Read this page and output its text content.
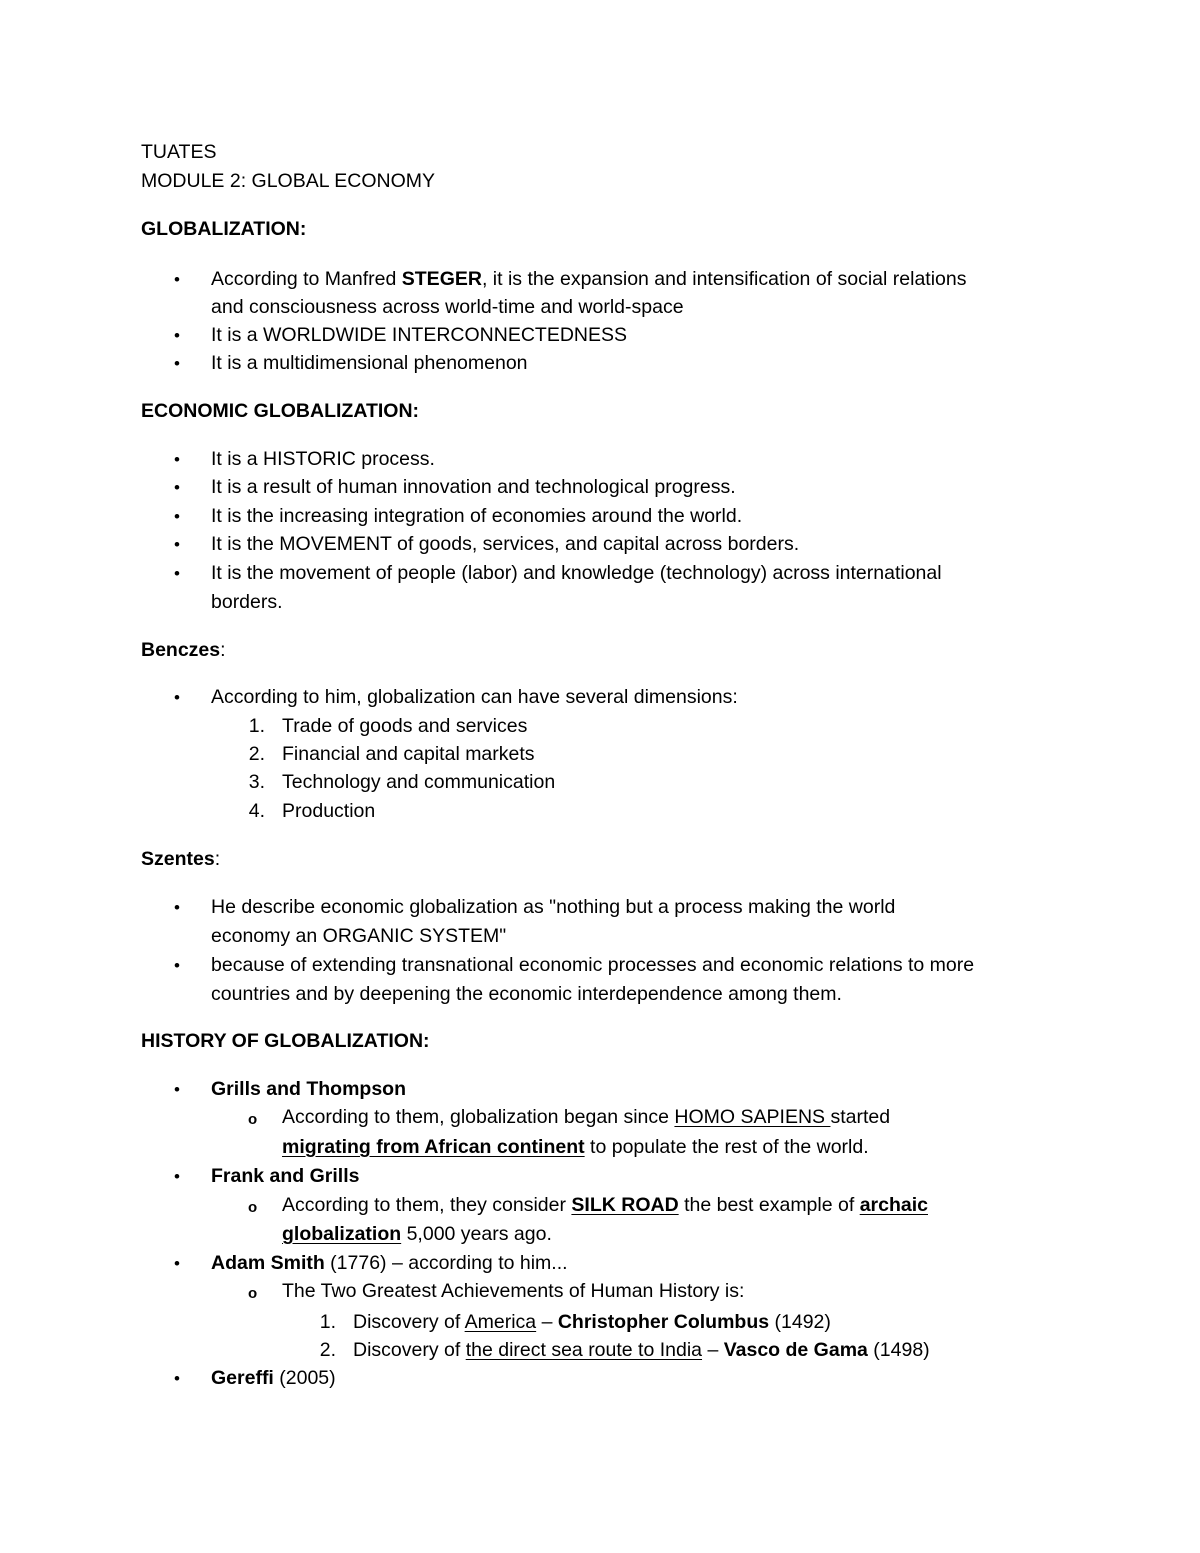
TUATES
MODULE 2: GLOBAL ECONOMY
GLOBALIZATION:
• According to Manfred STEGER, it is the expansion and intensification of social relations
and consciousness across world-time and world-space
• It is a WORLDWIDE INTERCONNECTEDNESS
• It is a multidimensional phenomenon
ECONOMIC GLOBALIZATION:
• It is a HISTORIC process.
• It is a result of human innovation and technological progress.
• It is the increasing integration of economies around the world.
• It is the MOVEMENT of goods, services, and capital across borders.
• It is the movement of people (labor) and knowledge (technology) across international
borders.
Benczes:
• According to him, globalization can have several dimensions:
1. Trade of goods and services
2. Financial and capital markets
3. Technology and communication
4. Production
Szentes:
• He describe economic globalization as "nothing but a process making the world
economy an ORGANIC SYSTEM"
• because of extending transnational economic processes and economic relations to more
countries and by deepening the economic interdependence among them.
HISTORY OF GLOBALIZATION:
• Grills and Thompson
o According to them, globalization began since HOMO SAPIENS started
migrating from African continent to populate the rest of the world.
• Frank and Grills
o According to them, they consider SILK ROAD the best example of archaic
globalization 5,000 years ago.
• Adam Smith (1776) – according to him...
o The Two Greatest Achievements of Human History is:
1. Discovery of America – Christopher Columbus (1492)
2. Discovery of the direct sea route to India – Vasco de Gama (1498)
• Gereffi (2005)
